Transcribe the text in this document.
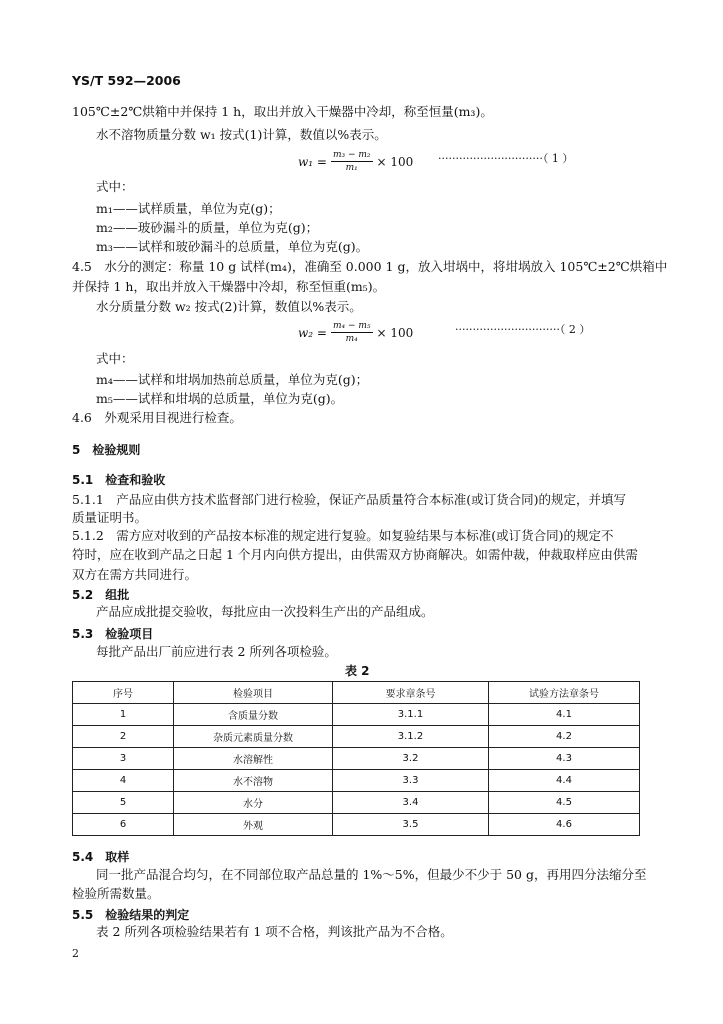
YS/T 592—2006
105℃±2℃烘箱中并保持 1 h，取出并放入干燥器中冷却，称至恒量(m₃)。
水不溶物质量分数 w₁ 按式(1)计算，数值以%表示。
$w_1 = \frac{\text{m₃ − m₂}}{\text{m₁}} \times 100$ ······························（ 1 ）
式中：
m₁——试样质量，单位为克(g)；
m₂——玻砂漏斗的质量，单位为克(g)；
m₃——试样和玻砂漏斗的总质量，单位为克(g)。
4.5　水分的测定：称量 10 g 试样(m₄)，准确至 0.000 1 g，放入坩埚中，将坩埚放入 105℃±2℃烘箱中
并保持 1 h，取出并放入干燥器中冷却，称至恒重(m₅)。
水分质量分数 w₂ 按式(2)计算，数值以%表示。
$w_2 = \frac{\text{m₄ − m₅}}{\text{m₄}} \times 100$	······························（ 2 ）
式中：
m₄——试样和坩埚加热前总质量，单位为克(g)；
m₅——试样和坩埚的总质量，单位为克(g)。
4.6　外观采用目视进行检查。
5　检验规则
5.1　检查和验收
5.1.1　产品应由供方技术监督部门进行检验，保证产品质量符合本标准(或订货合同)的规定，并填写
质量证明书。
5.1.2　需方应对收到的产品按本标准的规定进行复验。如复验结果与本标准(或订货合同)的规定不
符时，应在收到产品之日起 1 个月内向供方提出，由供需双方协商解决。如需仲裁，仲裁取样应由供需
双方在需方共同进行。
5.2　组批
产品应成批提交验收，每批应由一次投料生产出的产品组成。
5.3　检验项目
每批产品出厂前应进行表 2 所列各项检验。
表 2
序号	检验项目	要求章条号	试验方法章条号
1	含质量分数	3.1.1	4.1
2	杂质元素质量分数	3.1.2	4.2
3	水溶解性	3.2	4.3
4	水不溶物	3.3	4.4
5	水分	3.4	4.5
6	外观	3.5	4.6
5.4　取样
同一批产品混合均匀，在不同部位取产品总量的 1%～5%，但最少不少于 50 g，再用四分法缩分至
检验所需数量。
5.5　检验结果的判定
表 2 所列各项检验结果若有 1 项不合格，判该批产品为不合格。
2
